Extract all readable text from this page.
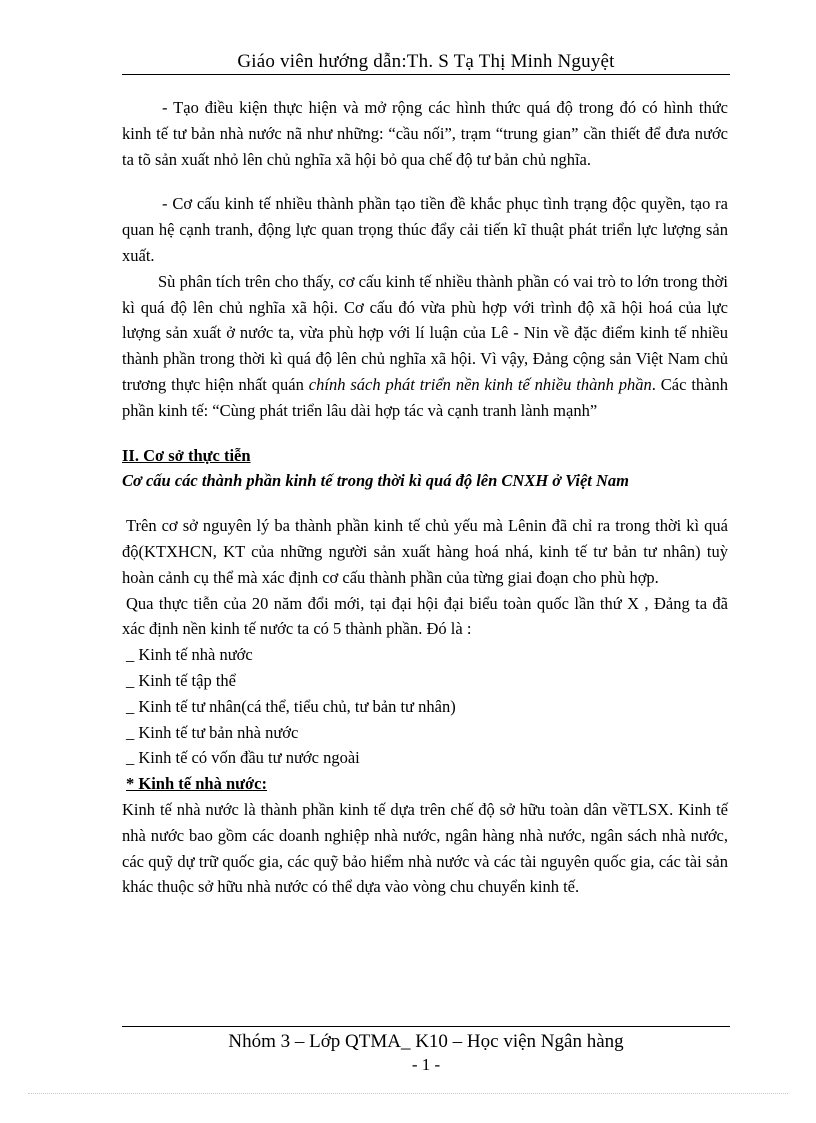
Giáo viên hướng dẫn:Th. S Tạ Thị Minh Nguyệt

- Tạo điều kiện thực hiện và mở rộng các hình thức quá độ trong đó có hình thức kinh tế tư bản nhà nước nã như những: “cầu nối”, trạm “trung gian” cần thiết để đưa nước ta tõ sản xuất nhỏ lên chủ nghĩa xã hội bỏ qua chế độ tư bản chủ nghĩa.

- Cơ cấu kinh tế nhiều thành phần tạo tiền đề khắc phục tình trạng độc quyền, tạo ra quan hệ cạnh tranh, động lực quan trọng thúc đẩy cải tiến kĩ thuật phát triển lực lượng sản xuất.

Sù phân tích trên cho thấy, cơ cấu kinh tế nhiều thành phần có vai trò to lớn trong thời kì quá độ lên chủ nghĩa xã hội. Cơ cấu đó vừa phù hợp với trình độ xã hội hoá của lực lượng sản xuất ở nước ta, vừa phù hợp với lí luận của Lê - Nin về đặc điểm kinh tế nhiều thành phần trong thời kì quá độ lên chủ nghĩa xã hội. Vì vậy, Đảng cộng sản Việt Nam chủ trương thực hiện nhất quán chính sách phát triển nền kinh tế nhiều thành phần. Các thành phần kinh tế: “Cùng phát triển lâu dài hợp tác và cạnh tranh lành mạnh”

II. Cơ sở thực tiễn

Cơ cấu các thành phần kinh tế trong thời kì quá độ lên CNXH ở Việt Nam

Trên cơ sở nguyên lý ba thành phần kinh tế chủ yếu mà Lênin đã chỉ ra trong thời kì quá độ(KTXHCN, KT của những người sản xuất hàng hoá nhá, kinh tế tư bản tư nhân) tuỳ hoàn cảnh cụ thể mà xác định cơ cấu thành phần của từng giai đoạn cho phù hợp.

Qua thực tiễn của 20 năm đổi mới, tại đại hội đại biểu toàn quốc lần thứ X , Đảng ta đã xác định nền kinh tế nước ta có 5 thành phần. Đó là :

_ Kinh tế nhà nước

_ Kinh tế tập thể

_ Kinh tế tư nhân(cá thể, tiểu chủ, tư bản tư nhân)

_ Kinh tế tư bản nhà nước

_ Kinh tế có vốn đầu tư nước ngoài

* Kinh tế nhà nước:

Kinh tế nhà nước là thành phần kinh tế dựa trên chế độ sở hữu toàn dân vềTLSX. Kinh tế nhà nước bao gồm các doanh nghiệp nhà nước, ngân hàng nhà nước, ngân sách nhà nước, các quỹ dự trữ quốc gia, các quỹ bảo hiểm nhà nước và các tài nguyên quốc gia, các tài sản khác thuộc sở hữu nhà nước có thể dựa vào vòng chu chuyển kinh tế.

Nhóm 3 – Lớp QTMA_ K10 – Học viện Ngân hàng
- 1 -
